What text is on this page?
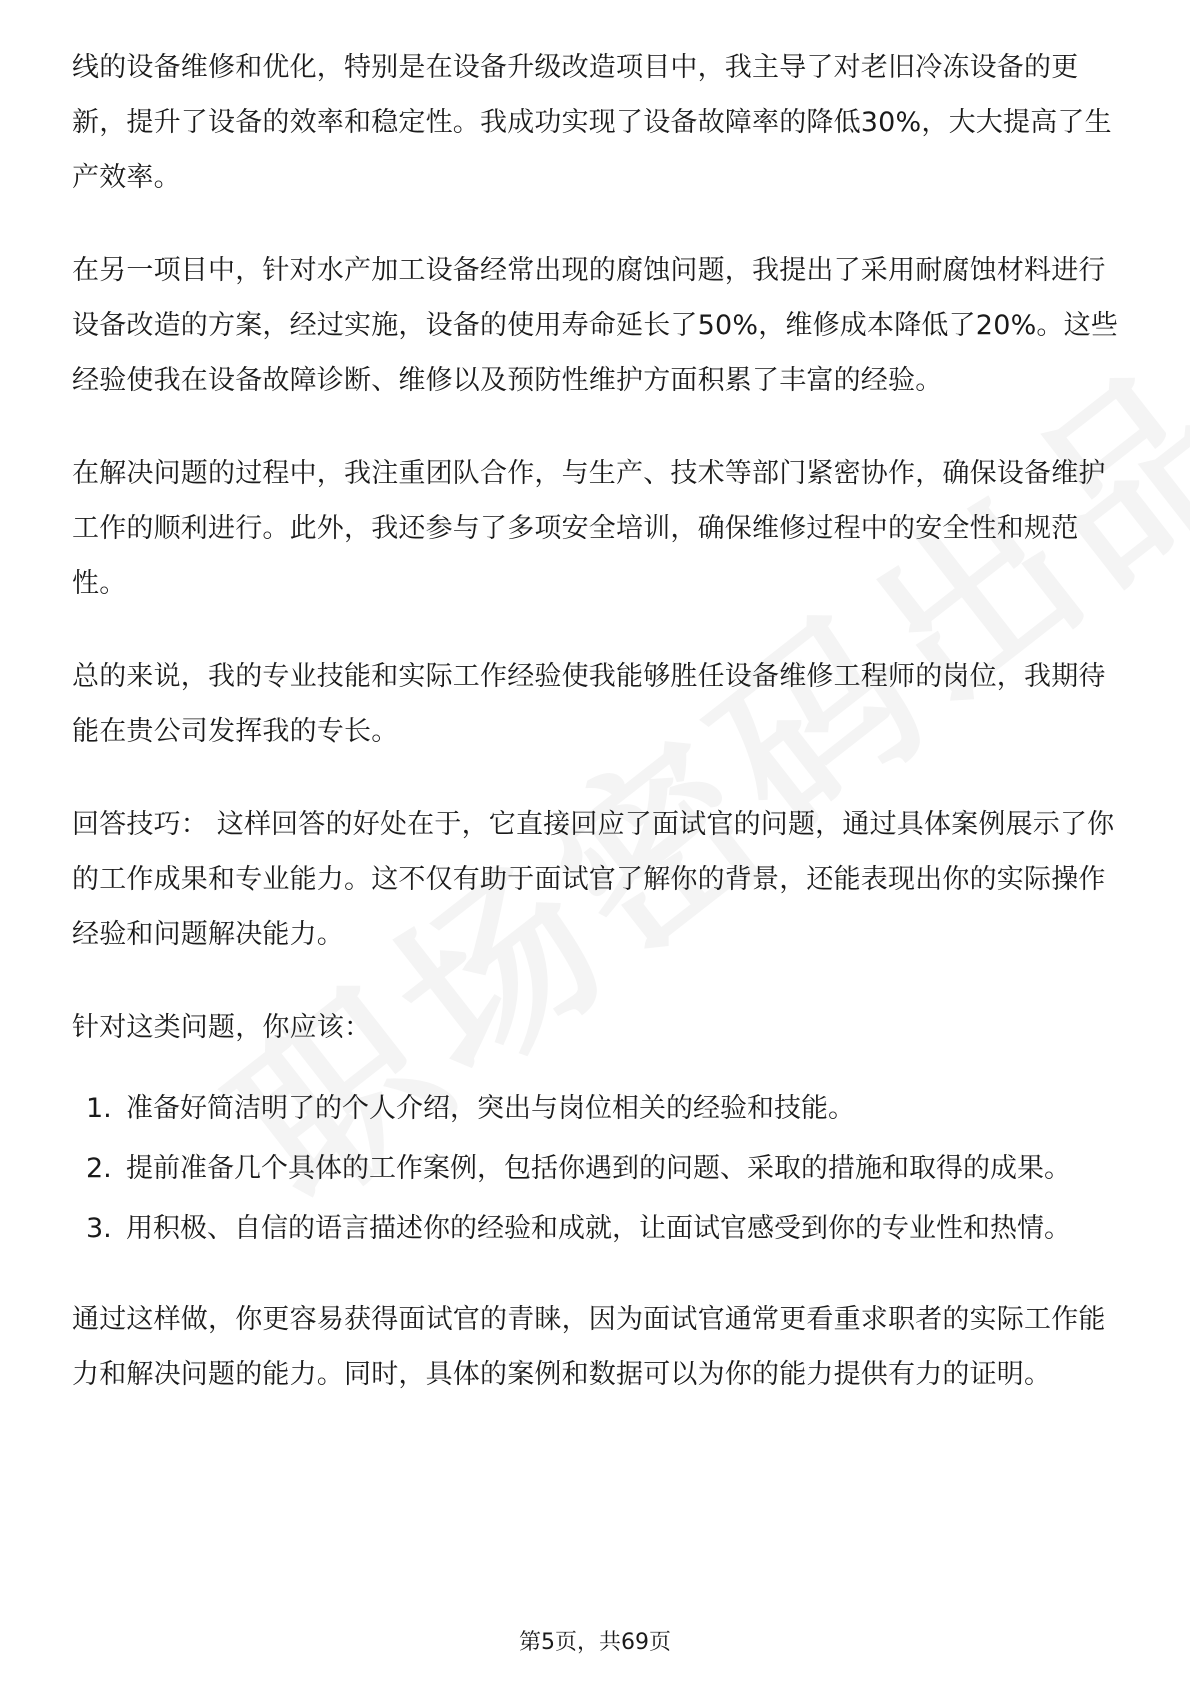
线的设备维修和优化，特别是在设备升级改造项目中，我主导了对老旧冷冻设备的更新，提升了设备的效率和稳定性。我成功实现了设备故障率的降低30%，大大提高了生产效率。

在另一项目中，针对水产加工设备经常出现的腐蚀问题，我提出了采用耐腐蚀材料进行设备改造的方案，经过实施，设备的使用寿命延长了50%，维修成本降低了20%。这些经验使我在设备故障诊断、维修以及预防性维护方面积累了丰富的经验。

在解决问题的过程中，我注重团队合作，与生产、技术等部门紧密协作，确保设备维护工作的顺利进行。此外，我还参与了多项安全培训，确保维修过程中的安全性和规范性。

总的来说，我的专业技能和实际工作经验使我能够胜任设备维修工程师的岗位，我期待能在贵公司发挥我的专长。

回答技巧： 这样回答的好处在于，它直接回应了面试官的问题，通过具体案例展示了你的工作成果和专业能力。这不仅有助于面试官了解你的背景，还能表现出你的实际操作经验和问题解决能力。

针对这类问题，你应该：

1. 准备好简洁明了的个人介绍，突出与岗位相关的经验和技能。
2. 提前准备几个具体的工作案例，包括你遇到的问题、采取的措施和取得的成果。
3. 用积极、自信的语言描述你的经验和成就，让面试官感受到你的专业性和热情。

通过这样做，你更容易获得面试官的青睐，因为面试官通常更看重求职者的实际工作能力和解决问题的能力。同时，具体的案例和数据可以为你的能力提供有力的证明。

第5页，共69页
